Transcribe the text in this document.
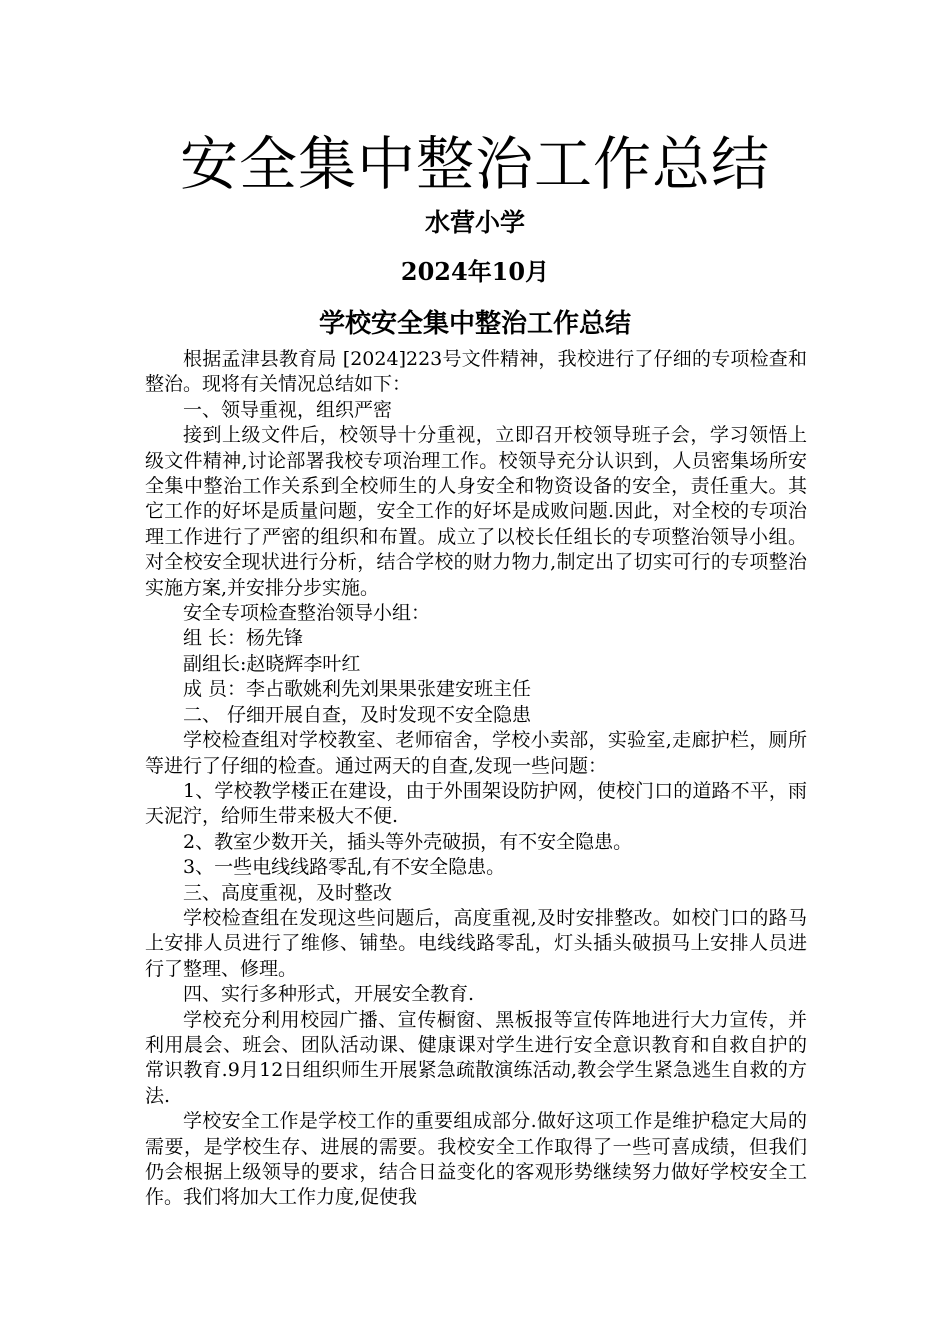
安全集中整治工作总结
水营小学
2024年10月
学校安全集中整治工作总结

根据孟津县教育局 [2024]223号文件精神，我校进行了仔细的专项检查和整治。现将有关情况总结如下：

一、领导重视，组织严密

接到上级文件后，校领导十分重视，立即召开校领导班子会，学习领悟上级文件精神,讨论部署我校专项治理工作。校领导充分认识到，人员密集场所安全集中整治工作关系到全校师生的人身安全和物资设备的安全，责任重大。其它工作的好坏是质量问题，安全工作的好坏是成败问题.因此，对全校的专项治理工作进行了严密的组织和布置。成立了以校长任组长的专项整治领导小组。对全校安全现状进行分析，结合学校的财力物力,制定出了切实可行的专项整治实施方案,并安排分步实施。

安全专项检查整治领导小组：

组 长：杨先锋

副组长:赵晓辉李叶红

成 员：李占歌姚利先刘果果张建安班主任

二、 仔细开展自查，及时发现不安全隐患

学校检查组对学校教室、老师宿舍，学校小卖部，实验室,走廊护栏，厕所等进行了仔细的检查。通过两天的自查,发现一些问题：

1、学校教学楼正在建设，由于外围架设防护网，使校门口的道路不平，雨天泥泞，给师生带来极大不便.

2、教室少数开关，插头等外壳破损，有不安全隐患。

3、一些电线线路零乱,有不安全隐患。

三、高度重视，及时整改

学校检查组在发现这些问题后，高度重视,及时安排整改。如校门口的路马上安排人员进行了维修、铺垫。电线线路零乱，灯头插头破损马上安排人员进行了整理、修理。

四、实行多种形式，开展安全教育.

学校充分利用校园广播、宣传橱窗、黑板报等宣传阵地进行大力宣传，并利用晨会、班会、团队活动课、健康课对学生进行安全意识教育和自救自护的常识教育.9月12日组织师生开展紧急疏散演练活动,教会学生紧急逃生自救的方法.

学校安全工作是学校工作的重要组成部分.做好这项工作是维护稳定大局的需要，是学校生存、进展的需要。我校安全工作取得了一些可喜成绩，但我们仍会根据上级领导的要求，结合日益变化的客观形势继续努力做好学校安全工作。我们将加大工作力度,促使我
